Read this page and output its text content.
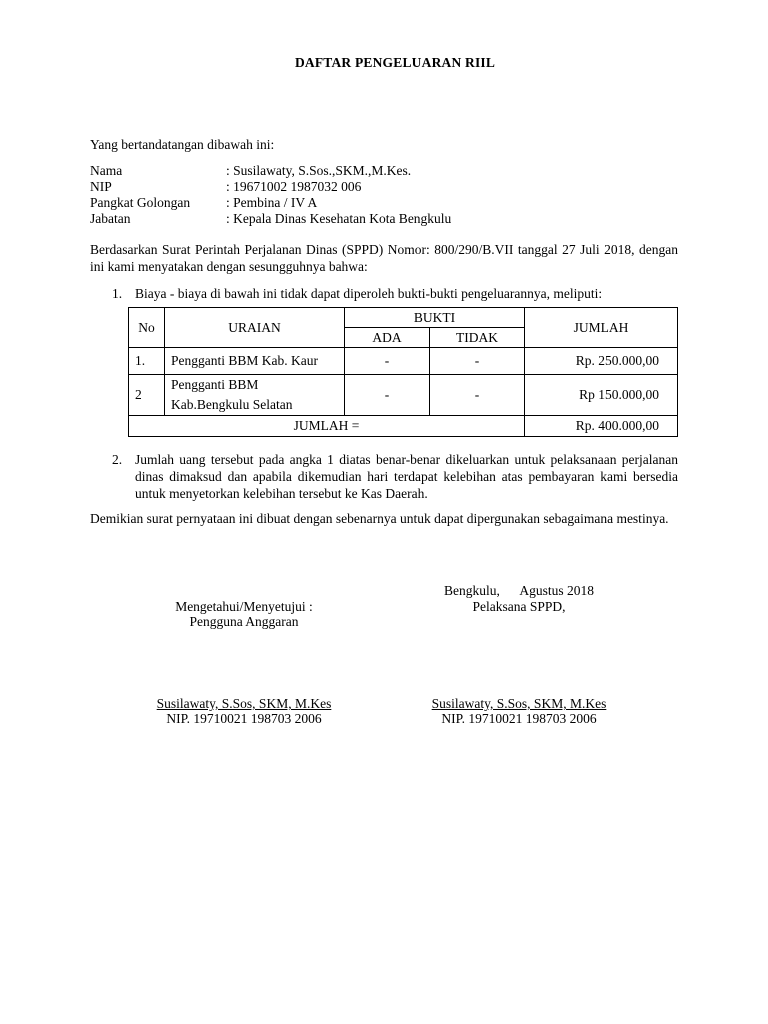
DAFTAR PENGELUARAN RIIL
Yang bertandatangan dibawah ini:
Nama	: Susilawaty, S.Sos.,SKM.,M.Kes.
NIP	: 19671002 1987032 006
Pangkat Golongan	: Pembina / IV A
Jabatan	: Kepala Dinas Kesehatan Kota Bengkulu
Berdasarkan Surat Perintah Perjalanan Dinas (SPPD) Nomor: 800/290/B.VII tanggal 27 Juli 2018, dengan ini kami menyatakan dengan sesungguhnya bahwa:
1. Biaya - biaya di bawah ini tidak dapat diperoleh bukti-bukti pengeluarannya, meliputi:
No	URAIAN	BUKTI		JUMLAH
		ADA	TIDAK	
1.	Pengganti BBM Kab. Kaur	-	-	Rp. 250.000,00
2	Pengganti BBM
Kab.Bengkulu Selatan	-	-	Rp 150.000,00
JUMLAH =				Rp. 400.000,00
2. Jumlah uang tersebut pada angka 1 diatas benar-benar dikeluarkan untuk pelaksanaan perjalanan dinas dimaksud dan apabila dikemudian hari terdapat kelebihan atas pembayaran kami bersedia untuk menyetorkan kelebihan tersebut ke Kas Daerah.
Demikian surat pernyataan ini dibuat dengan sebenarnya untuk dapat dipergunakan sebagaimana mestinya.
Bengkulu,      Agustus 2018
Pelaksana SPPD,
Mengetahui/Menyetujui :
Pengguna Anggaran
Susilawaty, S.Sos, SKM, M.Kes
NIP. 19710021 198703 2006
Susilawaty, S.Sos, SKM, M.Kes
NIP. 19710021 198703 2006
